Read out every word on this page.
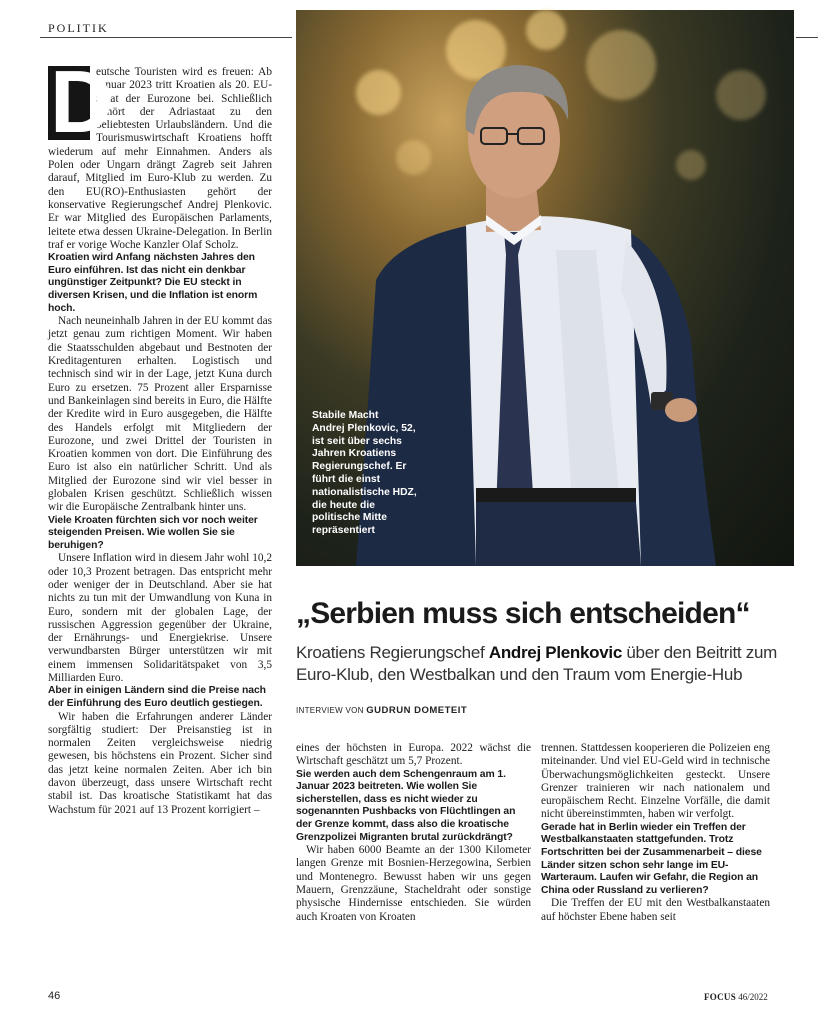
POLITIK
D

eutsche Touristen wird es freuen: Ab Januar 2023 tritt Kroatien als 20. EU-Staat der Eurozone bei. Schließlich gehört der Adriastaat zu den beliebtesten Urlaubsländern. Und die Tourismuswirtschaft Kroatiens hofft wiederum auf mehr Einnahmen. Anders als Polen oder Ungarn drängt Zagreb seit Jahren darauf, Mitglied im Euro-Klub zu werden. Zu den EU(RO)-Enthusiasten gehört der konservative Regierungschef Andrej Plenkovic. Er war Mitglied des Europäischen Parlaments, leitete etwa dessen Ukraine-Delegation. In Berlin traf er vorige Woche Kanzler Olaf Scholz.

Kroatien wird Anfang nächsten Jahres den Euro einführen. Ist das nicht ein denkbar ungünstiger Zeitpunkt? Die EU steckt in diversen Krisen, und die Inflation ist enorm hoch.

Nach neuneinhalb Jahren in der EU kommt das jetzt genau zum richtigen Moment. Wir haben die Staatsschulden abgebaut und Bestnoten der Kreditagenturen erhalten. Logistisch und technisch sind wir in der Lage, jetzt Kuna durch Euro zu ersetzen. 75 Prozent aller Ersparnisse und Bankeinlagen sind bereits in Euro, die Hälfte der Kredite wird in Euro ausgegeben, die Hälfte des Handels erfolgt mit Mitgliedern der Eurozone, und zwei Drittel der Touristen in Kroatien kommen von dort. Die Einführung des Euro ist also ein natürlicher Schritt. Und als Mitglied der Eurozone sind wir viel besser in globalen Krisen geschützt. Schließlich wissen wir die Europäische Zentralbank hinter uns.

Viele Kroaten fürchten sich vor noch weiter steigenden Preisen. Wie wollen Sie sie beruhigen?

Unsere Inflation wird in diesem Jahr wohl 10,2 oder 10,3 Prozent betragen. Das entspricht mehr oder weniger der in Deutschland. Aber sie hat nichts zu tun mit der Umwandlung von Kuna in Euro, sondern mit der globalen Lage, der russischen Aggression gegenüber der Ukraine, der Ernährungs- und Energiekrise. Unsere verwundbarsten Bürger unterstützen wir mit einem immensen Solidaritätspaket von 3,5 Milliarden Euro.

Aber in einigen Ländern sind die Preise nach der Einführung des Euro deutlich gestiegen.

Wir haben die Erfahrungen anderer Länder sorgfältig studiert: Der Preisanstieg ist in normalen Zeiten vergleichsweise niedrig gewesen, bis höchstens ein Prozent. Sicher sind das jetzt keine normalen Zeiten. Aber ich bin davon überzeugt, dass unsere Wirtschaft recht stabil ist. Das kroatische Statistikamt hat das Wachstum für 2021 auf 13 Prozent korrigiert –

Stabile Macht
Andrej Plenkovic, 52, ist seit über sechs Jahren Kroatiens Regierungschef. Er führt die einst nationalistische HDZ, die heute die politische Mitte repräsentiert
„Serbien muss sich entscheiden“
Kroatiens Regierungschef Andrej Plenkovic über den Beitritt zum Euro-Klub, den Westbalkan und den Traum vom Energie-Hub
INTERVIEW VON GUDRUN DOMETEIT

eines der höchsten in Europa. 2022 wächst die Wirtschaft geschätzt um 5,7 Prozent.

Sie werden auch dem Schengenraum am 1. Januar 2023 beitreten. Wie wollen Sie sicherstellen, dass es nicht wieder zu sogenannten Pushbacks von Flüchtlingen an der Grenze kommt, dass also die kroatische Grenzpolizei Migranten brutal zurückdrängt?

Wir haben 6000 Beamte an der 1300 Kilometer langen Grenze mit Bosnien-Herzegowina, Serbien und Montenegro. Bewusst haben wir uns gegen Mauern, Grenzzäune, Stacheldraht oder sonstige physische Hindernisse entschieden. Sie würden auch Kroaten von Kroaten

trennen. Stattdessen kooperieren die Polizeien eng miteinander. Und viel EU-Geld wird in technische Überwachungsmöglichkeiten gesteckt. Unsere Grenzer trainieren wir nach nationalem und europäischem Recht. Einzelne Vorfälle, die damit nicht übereinstimmten, haben wir verfolgt.

Gerade hat in Berlin wieder ein Treffen der Westbalkanstaaten stattgefunden. Trotz Fortschritten bei der Zusammenarbeit – diese Länder sitzen schon sehr lange im EU-Warteraum. Laufen wir Gefahr, die Region an China oder Russland zu verlieren?

Die Treffen der EU mit den Westbalkanstaaten auf höchster Ebene haben seit

46	FOCUS 46/2022
